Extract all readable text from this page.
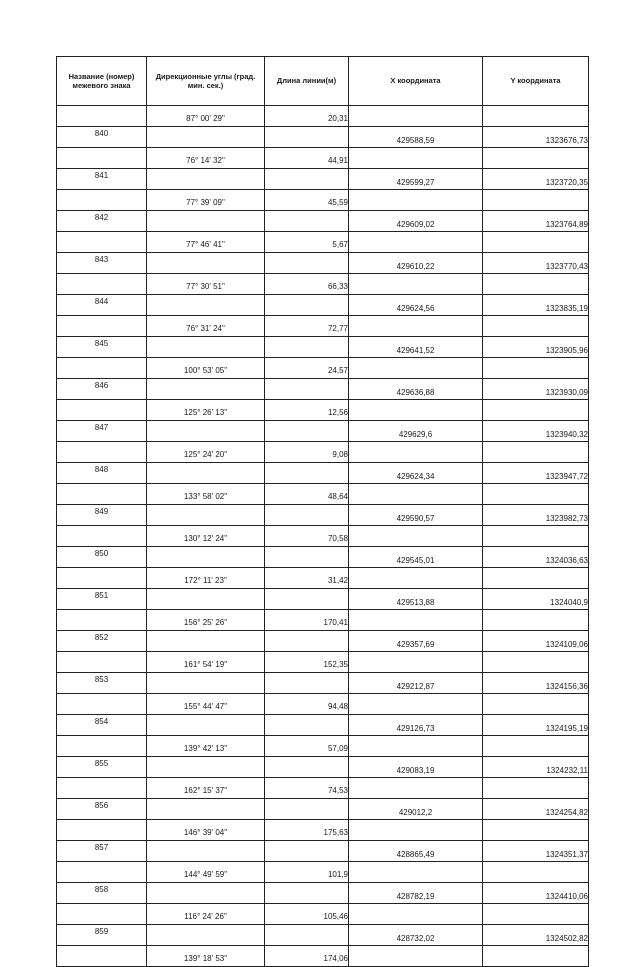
Название (номер) межевого знака	Дирекционные углы (град. мин. сек.)	Длина линии(м)	X координата	Y координата
	87° 00' 29"	20,31		
840			429588,59	1323676,73
	76° 14' 32"	44,91		
841			429599,27	1323720,35
	77° 39' 09"	45,59		
842			429609,02	1323764,89
	77° 46' 41"	5,67		
843			429610,22	1323770,43
	77° 30' 51"	66,33		
844			429624,56	1323835,19
	76° 31' 24"	72,77		
845			429641,52	1323905,96
	100° 53' 05"	24,57		
846			429636,88	1323930,09
	125° 26' 13"	12,56		
847			429629,6	1323940,32
	125° 24' 20"	9,08		
848			429624,34	1323947,72
	133° 58' 02"	48,64		
849			429590,57	1323982,73
	130° 12' 24"	70,58		
850			429545,01	1324036,63
	172° 11' 23"	31,42		
851			429513,88	1324040,9
	156° 25' 26"	170,41		
852			429357,69	1324109,06
	161° 54' 19"	152,35		
853			429212,87	1324156,36
	155° 44' 47"	94,48		
854			429126,73	1324195,19
	139° 42' 13"	57,09		
855			429083,19	1324232,11
	162° 15' 37"	74,53		
856			429012,2	1324254,82
	146° 39' 04"	175,63		
857			428865,49	1324351,37
	144° 49' 59"	101,9		
858			428782,19	1324410,06
	116° 24' 26"	105,46		
859			428732,02	1324502,82
	139° 18' 53"	174,06		
